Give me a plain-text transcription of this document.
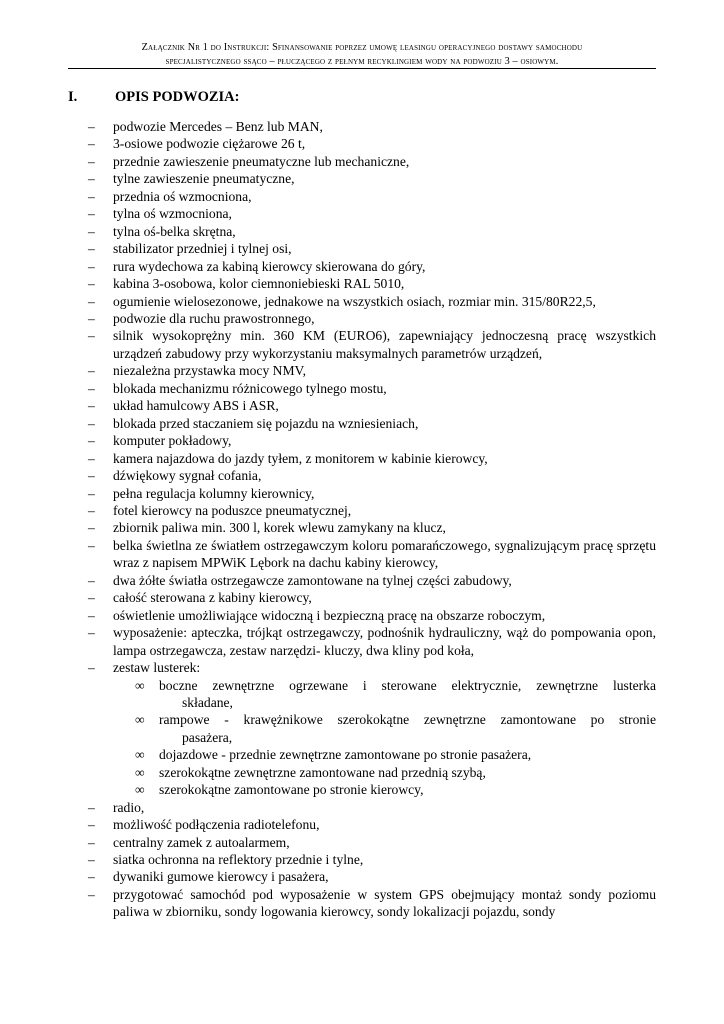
Załącznik Nr 1 do Instrukcji: Sfinansowanie poprzez umowę leasingu operacyjnego dostawy samochodu
specjalistycznego ssąco – płuczącego z pełnym recyklingiem wody na podwoziu 3 – osiowym.
I.	OPIS PODWOZIA:
– podwozie Mercedes – Benz lub MAN,
– 3-osiowe podwozie ciężarowe 26 t,
– przednie zawieszenie pneumatyczne lub mechaniczne,
– tylne zawieszenie pneumatyczne,
– przednia oś wzmocniona,
– tylna oś wzmocniona,
– tylna oś-belka skrętna,
– stabilizator przedniej i tylnej osi,
– rura wydechowa za kabiną kierowcy skierowana do góry,
– kabina 3-osobowa, kolor ciemnoniebieski RAL 5010,
– ogumienie wielosezonowe, jednakowe na wszystkich osiach, rozmiar min. 315/80R22,5,
– podwozie dla ruchu prawostronnego,
– silnik wysokoprężny min. 360 KM (EURO6), zapewniający jednoczesną pracę wszystkich urządzeń zabudowy przy wykorzystaniu maksymalnych parametrów urządzeń,
– niezależna przystawka mocy NMV,
– blokada mechanizmu różnicowego tylnego mostu,
– układ hamulcowy ABS i ASR,
– blokada przed staczaniem się pojazdu na wzniesieniach,
– komputer pokładowy,
– kamera najazdowa do jazdy tyłem, z monitorem w kabinie kierowcy,
– dźwiękowy sygnał cofania,
– pełna regulacja kolumny kierownicy,
– fotel kierowcy na poduszce pneumatycznej,
– zbiornik paliwa min. 300 l, korek wlewu zamykany na klucz,
– belka świetlna ze światłem ostrzegawczym koloru pomarańczowego, sygnalizującym pracę sprzętu wraz z napisem MPWiK Lębork na dachu kabiny kierowcy,
– dwa żółte światła ostrzegawcze zamontowane na tylnej części zabudowy,
– całość sterowana z kabiny kierowcy,
– oświetlenie umożliwiające widoczną i bezpieczną pracę na obszarze roboczym,
– wyposażenie: apteczka, trójkąt ostrzegawczy, podnośnik hydrauliczny, wąż do pompowania opon, lampa ostrzegawcza, zestaw narzędzi- kluczy, dwa kliny pod koła,
– zestaw lusterek:
∞ boczne zewnętrzne ogrzewane i sterowane elektrycznie, zewnętrzne lusterka
składane,
∞ rampowe - krawężnikowe szerokokątne zewnętrzne zamontowane po stronie
pasażera,
∞ dojazdowe - przednie zewnętrzne zamontowane po stronie pasażera,
∞ szerokokątne zewnętrzne zamontowane nad przednią szybą,
∞ szerokokątne zamontowane po stronie kierowcy,
– radio,
– możliwość podłączenia radiotelefonu,
– centralny zamek z autoalarmem,
– siatka ochronna na reflektory przednie i tylne,
– dywaniki gumowe kierowcy i pasażera,
– przygotować samochód pod wyposażenie w system GPS obejmujący montaż sondy poziomu paliwa w zbiorniku, sondy logowania kierowcy, sondy lokalizacji pojazdu, sondy
